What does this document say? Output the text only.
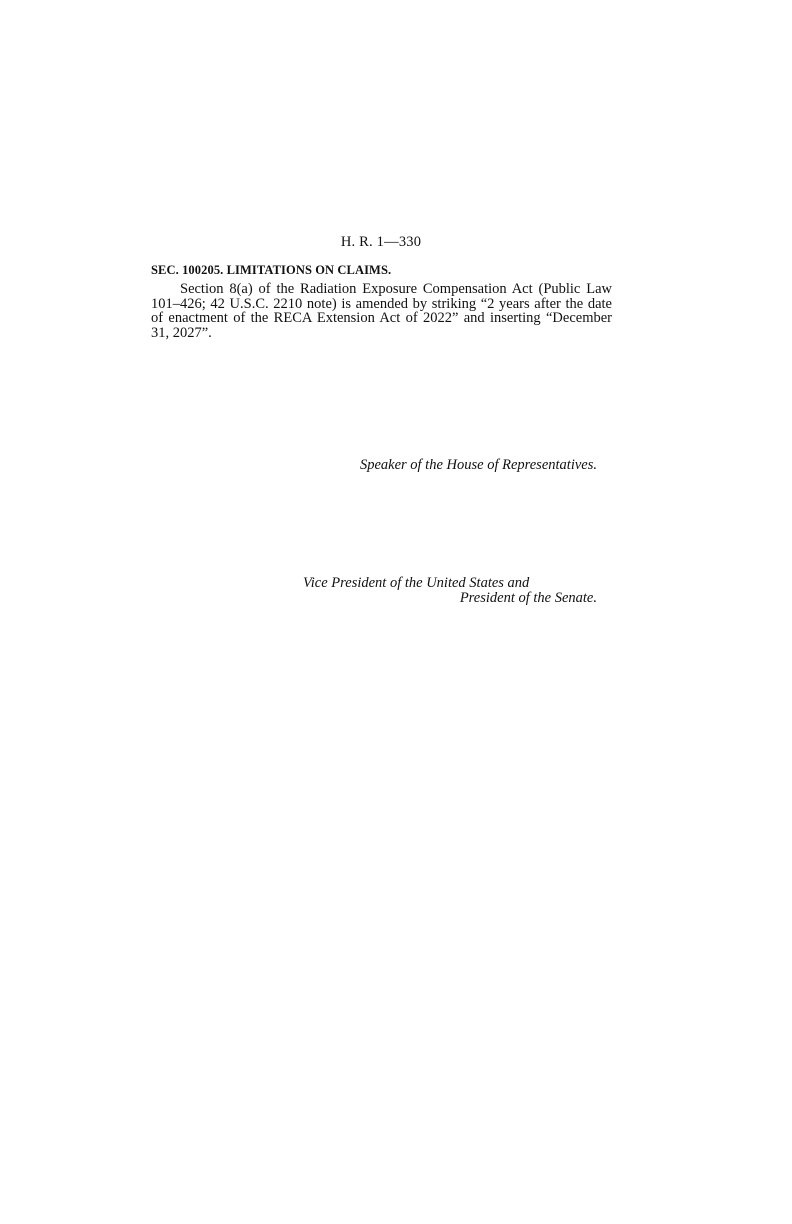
H. R. 1—330
SEC. 100205. LIMITATIONS ON CLAIMS.

Section 8(a) of the Radiation Exposure Compensation Act (Public Law 101–426; 42 U.S.C. 2210 note) is amended by striking “2 years after the date of enactment of the RECA Extension Act of 2022” and inserting “December 31, 2027”.

Speaker of the House of Representatives.
Vice President of the United States and
President of the Senate.
